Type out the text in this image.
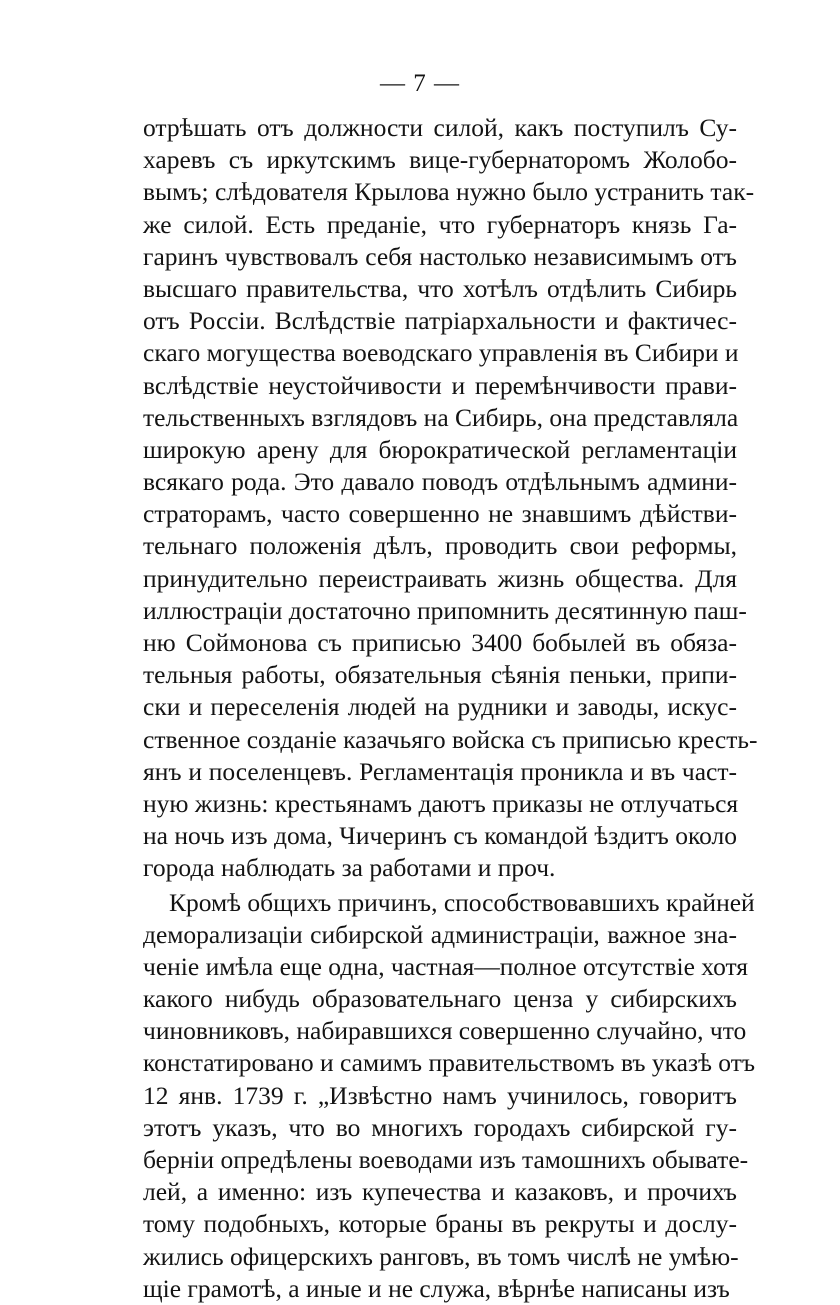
— 7 —
отрѣшать отъ должности силой, какъ поступилъ Су-
харевъ съ иркутскимъ вице-губернаторомъ Жолобо-
вымъ; слѣдователя Крылова нужно было устранить так-
же силой. Есть преданіе, что губернаторъ князь Га-
гаринъ чувствовалъ себя настолько независимымъ отъ
высшаго правительства, что хотѣлъ отдѣлить Сибирь
отъ Россіи. Вслѣдствіе патріархальности и фактичес-
скаго могущества воеводскаго управленія въ Сибири и
вслѣдствіе неустойчивости и перемѣнчивости прави-
тельственныхъ взглядовъ на Сибирь, она представляла
широкую арену для бюрократической регламентаціи
всякаго рода. Это давало поводъ отдѣльнымъ админи-
страторамъ, часто совершенно не знавшимъ дѣйстви-
тельнаго положенія дѣлъ, проводить свои реформы,
принудительно переистраивать жизнь общества. Для
иллюстраціи достаточно припомнить десятинную паш-
ню Соймонова съ приписью 3400 бобылей въ обяза-
тельныя работы, обязательныя сѣянія пеньки, припи-
ски и переселенія людей на рудники и заводы, искус-
ственное созданіе казачьяго войска съ приписью кресть-
янъ и поселенцевъ. Регламентація проникла и въ част-
ную жизнь: крестьянамъ даютъ приказы не отлучаться
на ночь изъ дома, Чичеринъ съ командой ѣздитъ около
города наблюдать за работами и проч.
Кромѣ общихъ причинъ, способствовавшихъ крайней
деморализаціи сибирской администраціи, важное зна-
ченіе имѣла еще одна, частная—полное отсутствіе хотя
какого нибудь образовательнаго ценза у сибирскихъ
чиновниковъ, набиравшихся совершенно случайно, что
констатировано и самимъ правительствомъ въ указѣ отъ
12 янв. 1739 г. „Извѣстно намъ учинилось, говоритъ
этотъ указъ, что во многихъ городахъ сибирской гу-
берніи опредѣлены воеводами изъ тамошнихъ обывате-
лей, а именно: изъ купечества и казаковъ, и прочихъ
тому подобныхъ, которые браны въ рекруты и дослу-
жились офицерскихъ ранговъ, въ томъ числѣ не умѣю-
щіе грамотѣ, а иные и не служа, вѣрнѣе написаны изъ
